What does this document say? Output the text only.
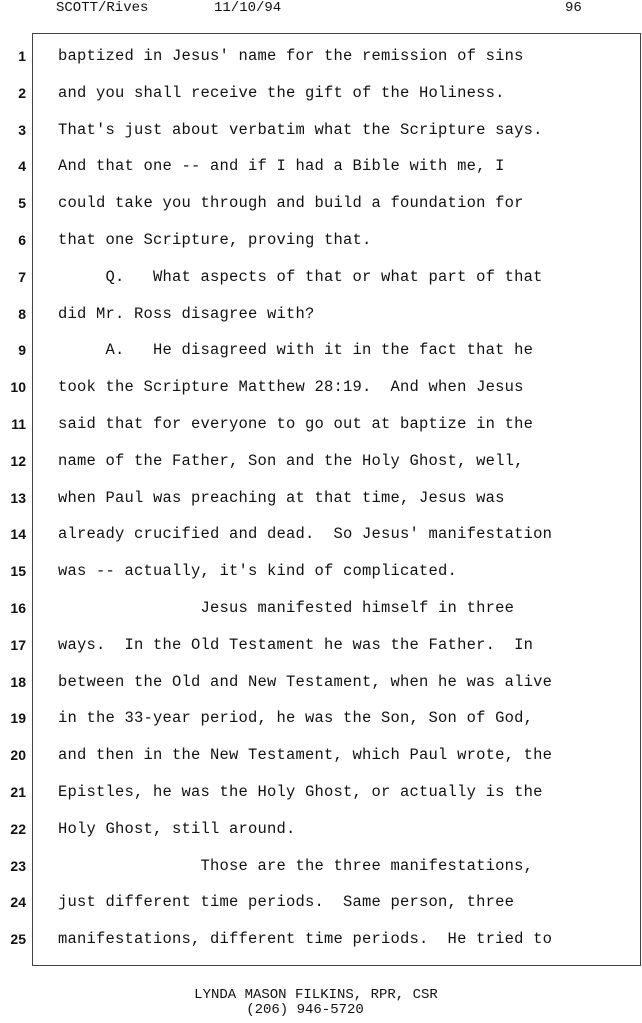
SCOTT/Rives	11/10/94	96
1 baptized in Jesus' name for the remission of sins
2 and you shall receive the gift of the Holiness.
3 That's just about verbatim what the Scripture says.
4 And that one -- and if I had a Bible with me, I
5 could take you through and build a foundation for
6 that one Scripture, proving that.
7 Q.   What aspects of that or what part of that
8 did Mr. Ross disagree with?
9 A.   He disagreed with it in the fact that he
10 took the Scripture Matthew 28:19.  And when Jesus
11 said that for everyone to go out at baptize in the
12 name of the Father, Son and the Holy Ghost, well,
13 when Paul was preaching at that time, Jesus was
14 already crucified and dead.  So Jesus' manifestation
15 was -- actually, it's kind of complicated.
16 Jesus manifested himself in three
17 ways.  In the Old Testament he was the Father.  In
18 between the Old and New Testament, when he was alive
19 in the 33-year period, he was the Son, Son of God,
20 and then in the New Testament, which Paul wrote, the
21 Epistles, he was the Holy Ghost, or actually is the
22 Holy Ghost, still around.
23 Those are the three manifestations,
24 just different time periods.  Same person, three
25 manifestations, different time periods.  He tried to
LYNDA MASON FILKINS, RPR, CSR
(206) 946-5720
